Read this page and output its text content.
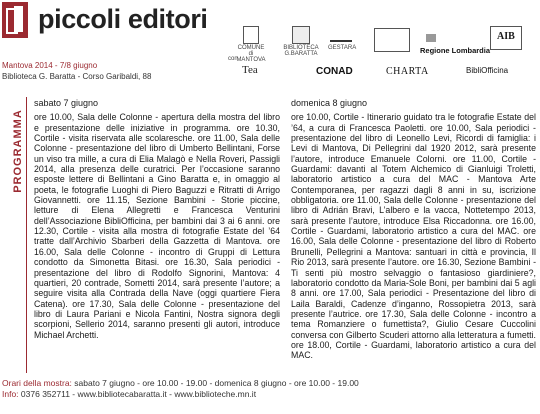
piccoli editori
Mantova 2014 - 7/8 giugno
Biblioteca G. Baratta - Corso Garibaldi, 88
COMUNE di MANTOVA
BIBLIOTECA G.BARATTA
GESTARA	Regione Lombardia
AIB
con
Tea	CONAD	CHARTA	BibliOfficina
PROGRAMMA
sabato 7 giugno

ore 10.00, Sala delle Colonne - apertura della mostra del libro e presentazione delle iniziative in programma. ore 10.30, Cortile - visita riservata alle scolaresche. ore 11.00, Sala delle Colonne - presentazione del libro di Umberto Bellintani, Forse un viso tra mille, a cura di Elia Malagò e Nella Roveri, Passigli 2014, alla presenza delle curatrici. Per l’occasione saranno esposte lettere di Bellintani a Gino Baratta e, in omaggio al poeta, le fotografie Luoghi di Piero Baguzzi e Ritratti di Arrigo Giovannetti. ore 11.15, Sezione Bambini - Storie piccine, letture di Elena Allegretti e Francesca Venturini dell’Associazione BibliOfficina, per bambini dai 3 ai 6 anni. ore 12.30, Cortile - visita alla mostra di fotografie Estate del ’64 tratte dall’Archivio Sbarberi della Gazzetta di Mantova. ore 16.00, Sala delle Colonne - incontro di Gruppi di Lettura condotto da Simonetta Bitasi. ore 16.30, Sala periodici - presentazione del libro di Rodolfo Signorini, Mantova: 4 quartieri, 20 contrade, Sometti 2014, sarà presente l’autore; a seguire visita alla Contrada della Nave (oggi quartiere Fiera Catena). ore 17.30, Sala delle Colonne - presentazione del libro di Laura Pariani e Nicola Fantini, Nostra signora degli scorpioni, Sellerio 2014, saranno presenti gli autori, introduce Michael Archetti.

domenica 8 giugno

ore 10.00, Cortile - Itinerario guidato tra le fotografie Estate del ’64, a cura di Francesca Paoletti. ore 10.00, Sala periodici - presentazione del libro di Leonello Levi, Ricordi di famiglia: i Levi di Mantova, Di Pellegrini dal 1920 2012, sarà presente l’autore, introduce Emanuele Colorni. ore 11.00, Cortile - Guardami: davanti al Totem Alchemico di Gianluigi Troletti, laboratorio artistico a cura del MAC - Mantova Arte Contemporanea, per ragazzi dagli 8 anni in su, iscrizione obbligatoria. ore 11.00, Sala delle Colonne - presentazione del libro di Adrián Bravi, L’albero e la vacca, Nottetempo 2013, sarà presente l’autore, introduce Elsa Riccadonna. ore 16.00, Cortile - Guardami, laboratorio artistico a cura del MAC. ore 16.00, Sala delle Colonne - presentazione del libro di Roberto Brunelli, Pellegrini a Mantova: santuari in città e provincia, Il Rio 2013, sarà presente l’autore. ore 16.30, Sezione Bambini - Ti senti più mostro selvaggio o fantasioso giardiniere?, laboratorio condotto da Maria-Sole Boni, per bambini dai 5 agli 8 anni. ore 17.00, Sala periodici - Presentazione del libro di Laila Baraldi, Cadenze d’inganno, Rossopietra 2013, sarà presente l’autrice. ore 17.30, Sala delle Colonne - incontro a tema Romanziere o fumettista?, Giulio Cesare Cuccolini conversa con Gilberto Scuderi attorno alla letteratura a fumetti. ore 18.00, Cortile - Guardami, laboratorio artistico a cura del MAC.

Orari della mostra: sabato 7 giugno - ore 10.00 - 19.00 - domenica 8 giugno - ore 10.00 - 19.00
Info: 0376 352711 - www.bibliotecabaratta.it - www.biblioteche.mn.it
